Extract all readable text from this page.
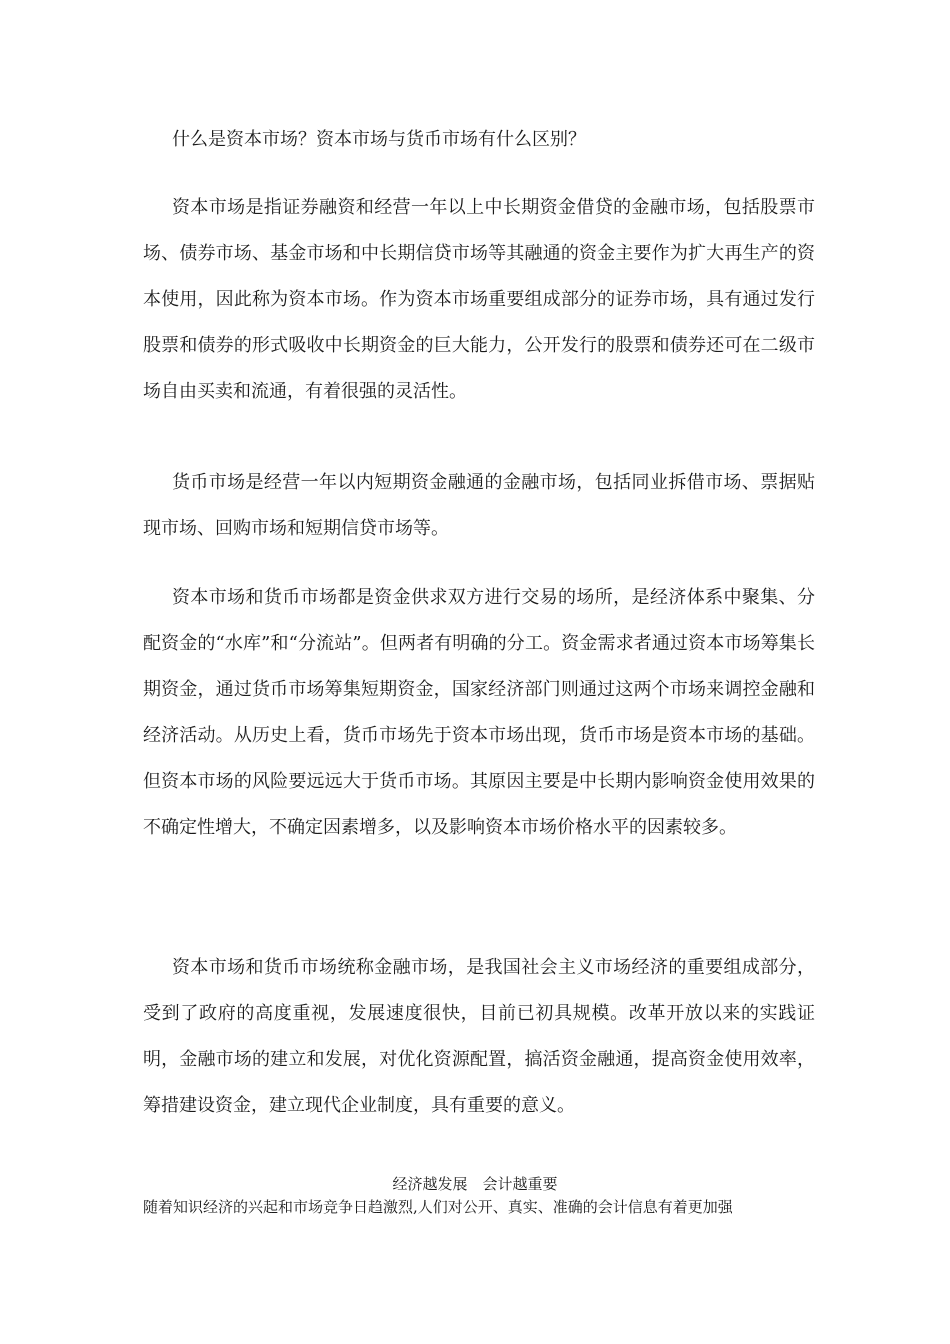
什么是资本市场？资本市场与货币市场有什么区别？

资本市场是指证券融资和经营一年以上中长期资金借贷的金融市场，包括股票市场、债券市场、基金市场和中长期信贷市场等其融通的资金主要作为扩大再生产的资本使用，因此称为资本市场。作为资本市场重要组成部分的证券市场，具有通过发行股票和债券的形式吸收中长期资金的巨大能力，公开发行的股票和债券还可在二级市场自由买卖和流通，有着很强的灵活性。

货币市场是经营一年以内短期资金融通的金融市场，包括同业拆借市场、票据贴现市场、回购市场和短期信贷市场等。

资本市场和货币市场都是资金供求双方进行交易的场所，是经济体系中聚集、分配资金的“水库”和“分流站”。但两者有明确的分工。资金需求者通过资本市场筹集长期资金，通过货币市场筹集短期资金，国家经济部门则通过这两个市场来调控金融和经济活动。从历史上看，货币市场先于资本市场出现，货币市场是资本市场的基础。但资本市场的风险要远远大于货币市场。其原因主要是中长期内影响资金使用效果的不确定性增大，不确定因素增多，以及影响资本市场价格水平的因素较多。

资本市场和货币市场统称金融市场，是我国社会主义市场经济的重要组成部分，受到了政府的高度重视，发展速度很快，目前已初具规模。改革开放以来的实践证明，金融市场的建立和发展，对优化资源配置，搞活资金融通，提高资金使用效率，筹措建设资金，建立现代企业制度，具有重要的意义。

经济越发展　会计越重要
随着知识经济的兴起和市场竞争日趋激烈,人们对公开、真实、准确的会计信息有着更加强
